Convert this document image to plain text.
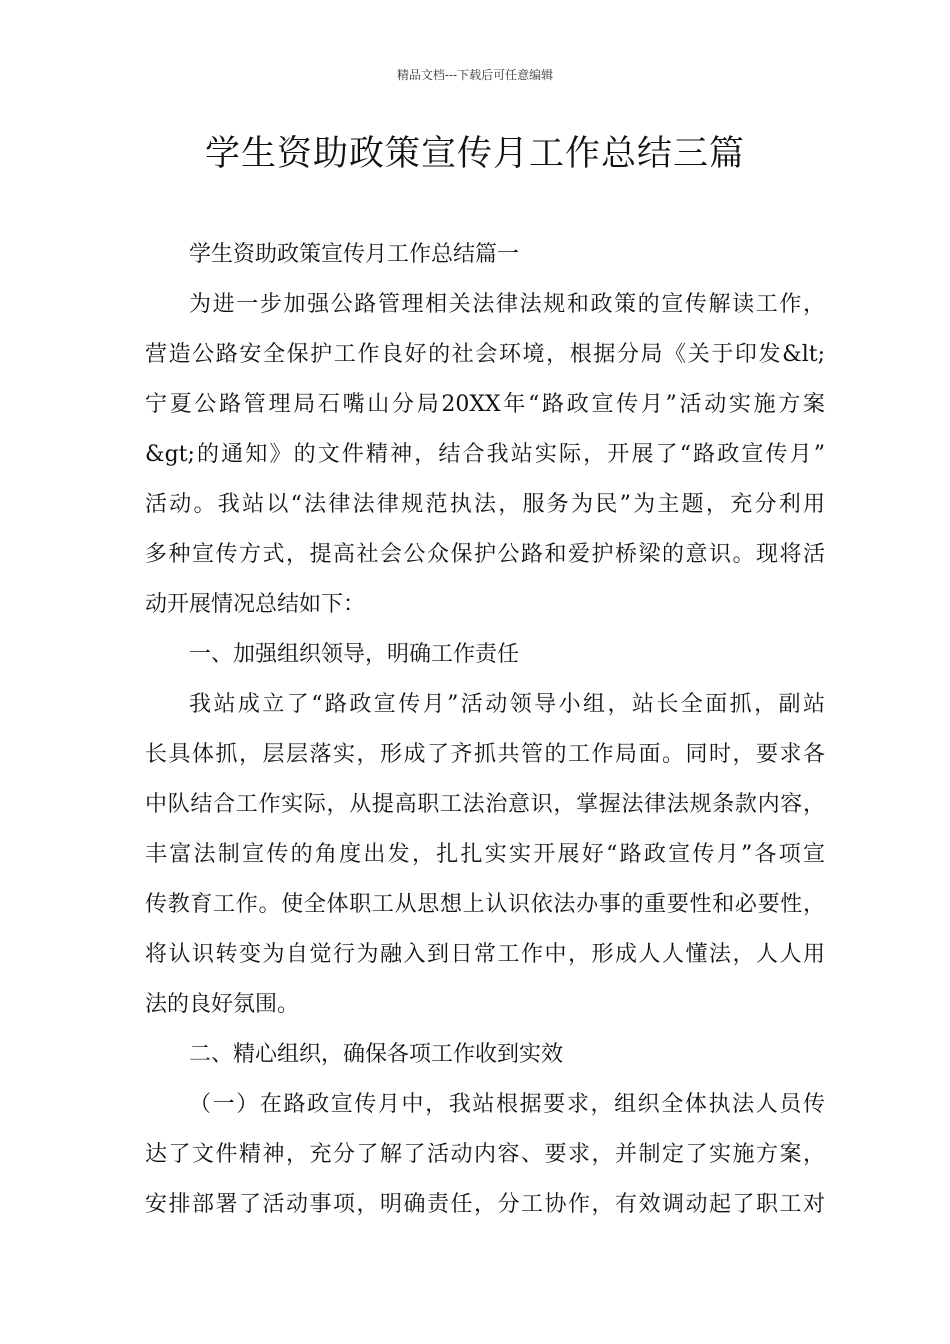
精品文档---下载后可任意编辑
学生资助政策宣传月工作总结三篇
学生资助政策宣传月工作总结篇一
为进一步加强公路管理相关法律法规和政策的宣传解读工作，
营造公路安全保护工作良好的社会环境，根据分局《关于印发&lt;
宁夏公路管理局石嘴山分局20XX年“路政宣传月”活动实施方案
&gt;的通知》的文件精神，结合我站实际，开展了“路政宣传月”
活动。我站以“法律法律规范执法，服务为民”为主题，充分利用
多种宣传方式，提高社会公众保护公路和爱护桥梁的意识。现将活
动开展情况总结如下：
一、加强组织领导，明确工作责任
我站成立了“路政宣传月”活动领导小组，站长全面抓，副站
长具体抓，层层落实，形成了齐抓共管的工作局面。同时，要求各
中队结合工作实际，从提高职工法治意识，掌握法律法规条款内容，
丰富法制宣传的角度出发，扎扎实实开展好“路政宣传月”各项宣
传教育工作。使全体职工从思想上认识依法办事的重要性和必要性，
将认识转变为自觉行为融入到日常工作中，形成人人懂法，人人用
法的良好氛围。
二、精心组织，确保各项工作收到实效
（一）在路政宣传月中，我站根据要求，组织全体执法人员传
达了文件精神，充分了解了活动内容、要求，并制定了实施方案，
安排部署了活动事项，明确责任，分工协作，有效调动起了职工对
